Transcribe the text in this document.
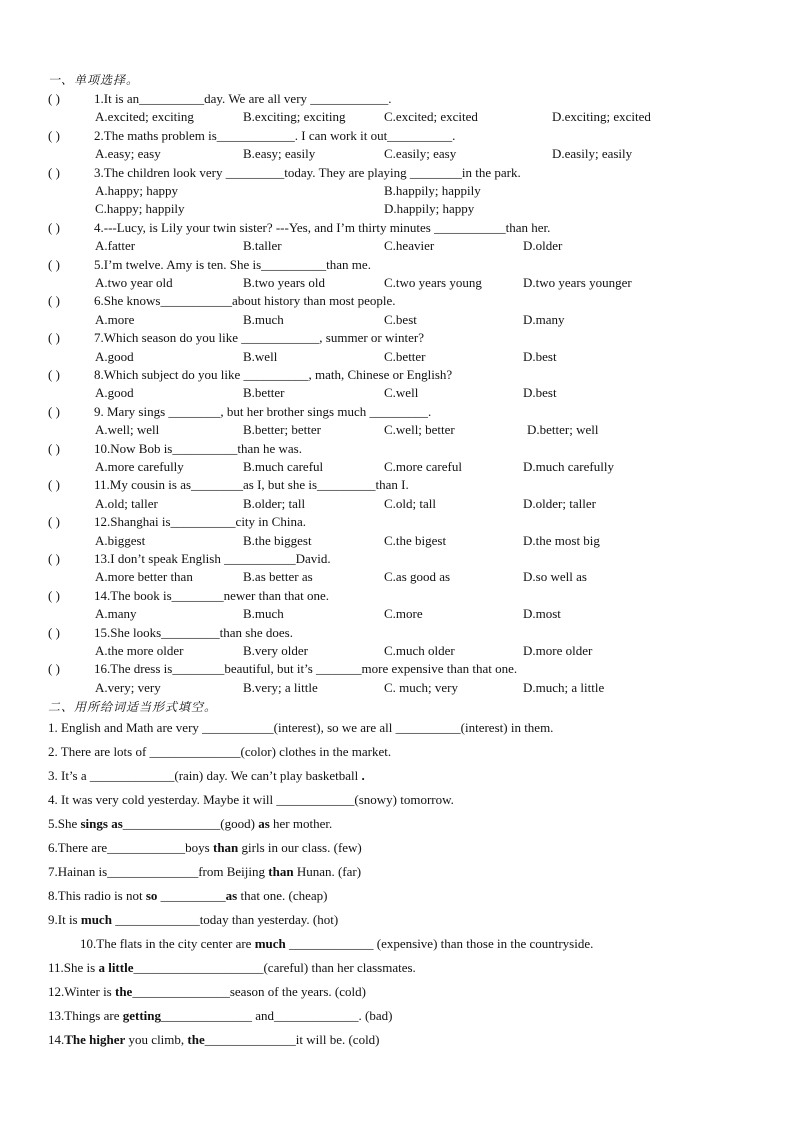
一、单项选择。
( )	1.It is an__________day. We are all very ____________.
A.excited; exciting	B.exciting; exciting	C.excited; excited	D.exciting; excited
( )	2.The maths problem is____________. I can work it out__________.
A.easy; easy	B.easy; easily	C.easily; easy	D.easily; easily
( )	3.The children look very _________today. They are playing ________in the park.
A.happy; happy	B.happily; happily
C.happy; happily	D.happily; happy
( )	4.---Lucy, is Lily your twin sister? ---Yes, and I’m thirty minutes ___________than her.
A.fatter	B.taller	C.heavier	D.older
( )	5.I’m twelve. Amy is ten. She is__________than me.
A.two year old	B.two years old	C.two years young	D.two years younger
( )	6.She knows___________about history than most people.
A.more	B.much	C.best	D.many
( )	7.Which season do you like ____________, summer or winter?
A.good	B.well	C.better	D.best
( )	8.Which subject do you like __________, math, Chinese or English?
A.good	B.better	C.well	D.best
( )	9. Mary sings ________, but her brother sings much _________.
A.well; well	B.better; better	C.well; better	D.better; well
( )	10.Now Bob is__________than he was.
A.more carefully	B.much careful	C.more careful	D.much carefully
( )	11.My cousin is as________as I, but she is_________than I.
A.old; taller	B.older; tall	C.old; tall	D.older; taller
( )	12.Shanghai is__________city in China.
A.biggest	B.the biggest	C.the bigest	D.the most big
( )	13.I don’t speak English ___________David.
A.more better than	B.as better as	C.as good as	D.so well as
( )	14.The book is________newer than that one.
A.many	B.much	C.more	D.most
( )	15.She looks_________than she does.
A.the more older	B.very older	C.much older	D.more older
( )	16.The dress is________beautiful, but it’s _______more expensive than that one.
A.very; very	B.very; a little	C. much; very	D.much; a little
二、用所给词适当形式填空。
1. English and Math are very ___________(interest), so we are all __________(interest) in them.
2. There are lots of ______________(color) clothes in the market.
3. It’s a _____________(rain) day. We can’t play basketball .
4. It was very cold yesterday. Maybe it will ____________(snowy) tomorrow.
5.She sings as_______________(good) as her mother.
6.There are____________boys than girls in our class. (few)
7.Hainan is______________from Beijing than Hunan. (far)
8.This radio is not so __________as that one. (cheap)
9.It is much _____________today than yesterday. (hot)
10.The flats in the city center are much _____________ (expensive) than those in the countryside.
11.She is a little____________________(careful) than her classmates.
12.Winter is the_______________season of the years. (cold)
13.Things are getting______________ and_____________. (bad)
14.The higher you climb, the______________it will be. (cold)
